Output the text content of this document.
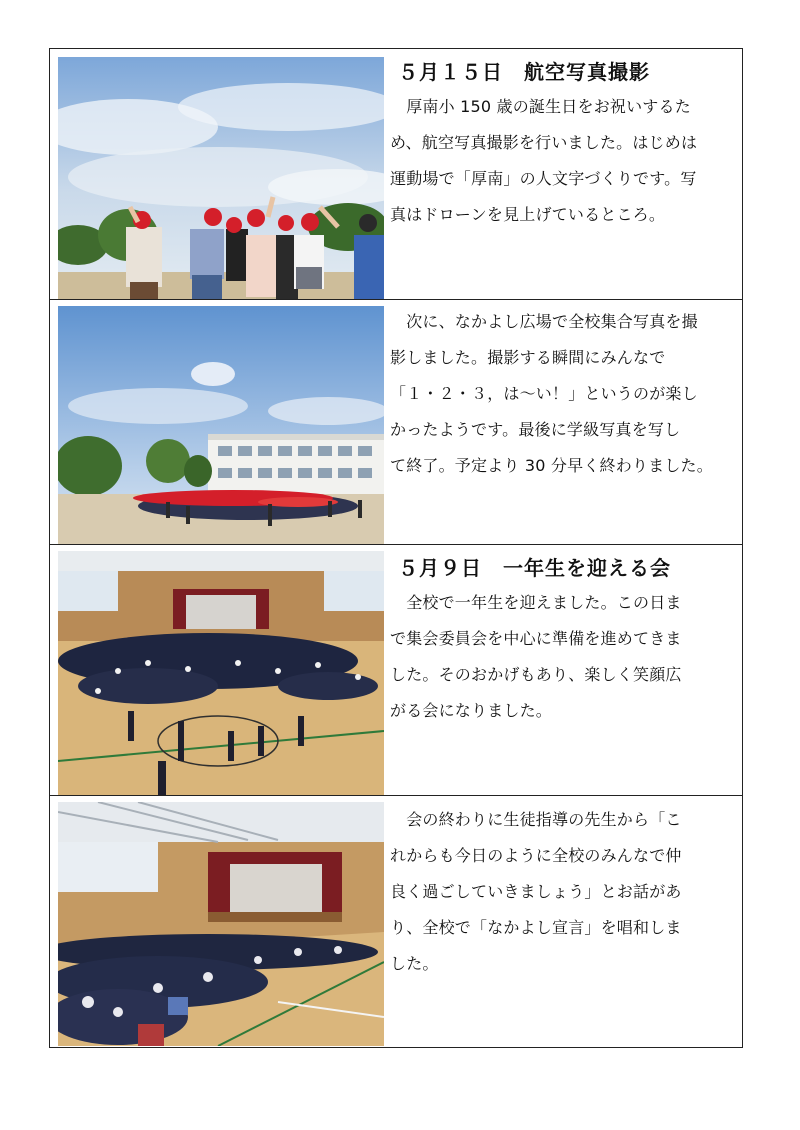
５月１５日　航空写真撮影
　厚南小 150 歳の誕生日をお祝いするた
め、航空写真撮影を行いました。はじめは
運動場で「厚南」の人文字づくりです。写
真はドローンを見上げているところ。
　次に、なかよし広場で全校集合写真を撮
影しました。撮影する瞬間にみんなで
「１・２・３，は〜い！」というのが楽し
かったようです。最後に学級写真を写し
て終了。予定より 30 分早く終わりました。
５月９日　一年生を迎える会
　全校で一年生を迎えました。この日ま
で集会委員会を中心に準備を進めてきま
した。そのおかげもあり、楽しく笑顔広
がる会になりました。
　会の終わりに生徒指導の先生から「こ
れからも今日のように全校のみんなで仲
良く過ごしていきましょう」とお話があ
り、全校で「なかよし宣言」を唱和しま
した。
